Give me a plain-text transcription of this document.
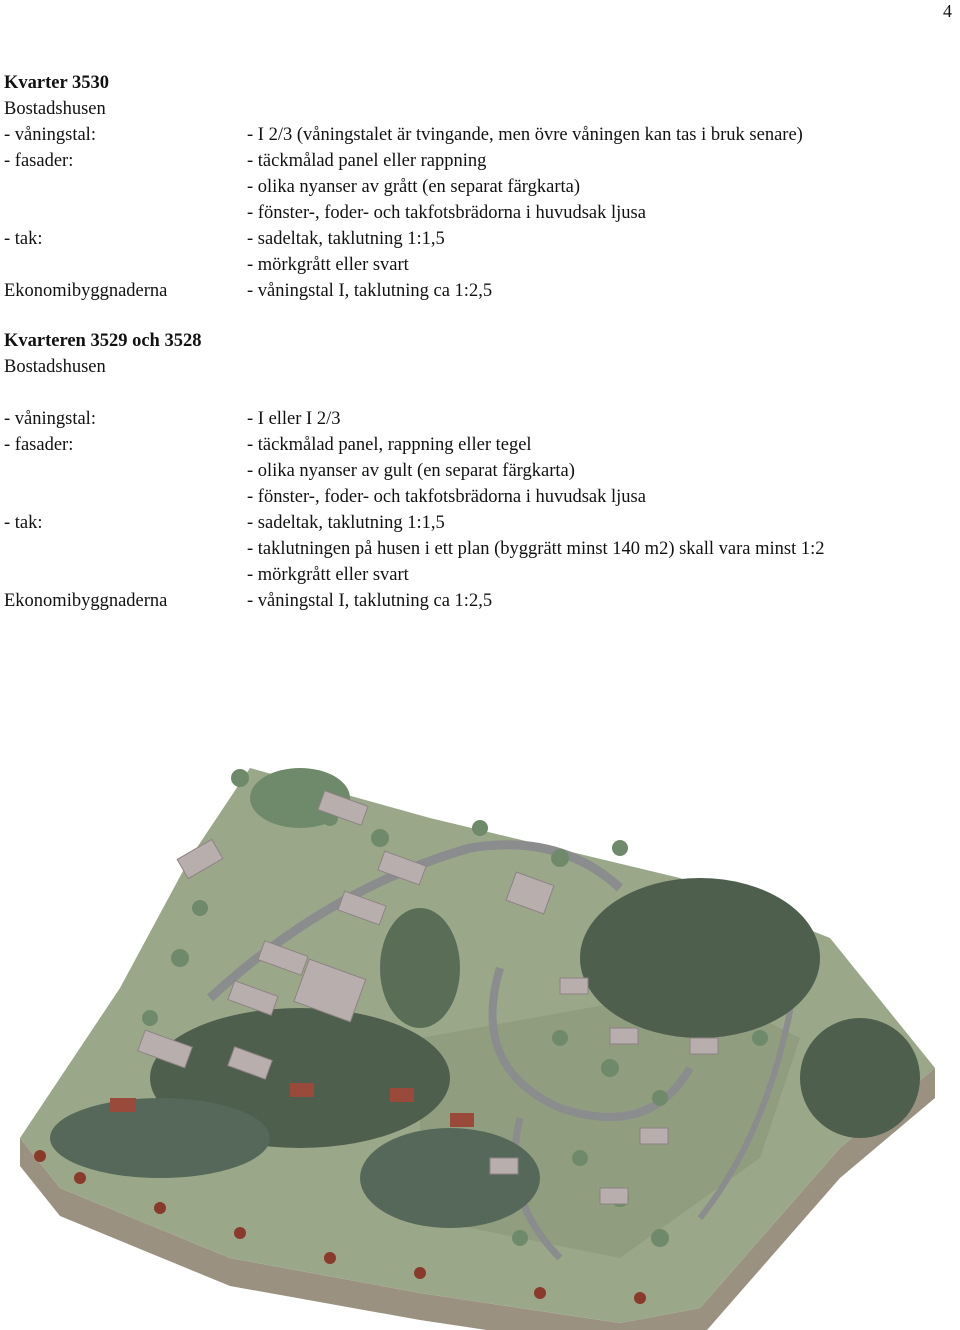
4
Kvarter 3530
Bostadshusen
- våningstal:	- I 2/3 (våningstalet är tvingande, men övre våningen kan tas i bruk senare)
- fasader:	- täckmålad panel eller rappning
- olika nyanser av grått (en separat färgkarta)
- fönster-, foder- och takfotsbrädorna i huvudsak ljusa
- tak:	- sadeltak, taklutning 1:1,5
- mörkgrått eller svart
Ekonomibyggnaderna	- våningstal I, taklutning ca 1:2,5
Kvarteren 3529 och 3528
Bostadshusen
- våningstal:	- I eller I 2/3
- fasader:	- täckmålad panel, rappning eller tegel
- olika nyanser av gult (en separat färgkarta)
- fönster-, foder- och takfotsbrädorna i huvudsak ljusa
- tak:	- sadeltak, taklutning 1:1,5
- taklutningen på husen i ett plan (byggrätt minst 140 m2) skall vara minst 1:2
- mörkgrått eller svart
Ekonomibyggnaderna	- våningstal I, taklutning ca 1:2,5
